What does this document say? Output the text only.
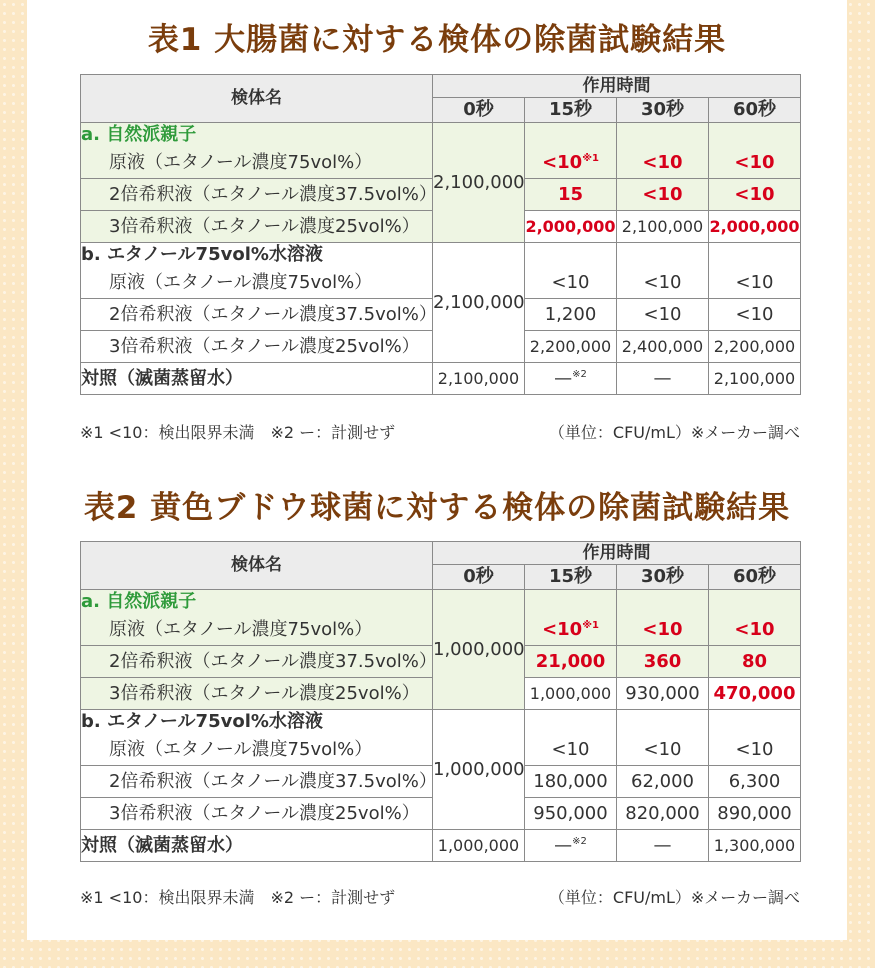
表1 大腸菌に対する検体の除菌試験結果
検体名	作用時間			
	0秒	15秒	30秒	60秒
a. 自然派親子	2,100,000			
原液（エタノール濃度75vol%）		$<10^{※1}$	<10	<10
2倍希釈液（エタノール濃度37.5vol%）		15	<10	<10
3倍希釈液（エタノール濃度25vol%）		2,000,000	2,100,000	2,000,000
b. エタノール75vol%水溶液	2,100,000			
原液（エタノール濃度75vol%）		<10	<10	<10
2倍希釈液（エタノール濃度37.5vol%）		1,200	<10	<10
3倍希釈液（エタノール濃度25vol%）		2,200,000	2,400,000	2,200,000
対照（滅菌蒸留水）	2,100,000	—$^{※2}$	—	2,100,000
※1 <10：検出限界未満　※2 ー：計測せず	（単位：CFU/mL）※メーカー調べ
表2 黄色ブドウ球菌に対する検体の除菌試験結果
検体名	作用時間			
	0秒	15秒	30秒	60秒
a. 自然派親子	1,000,000			
原液（エタノール濃度75vol%）		$<10^{※1}$	<10	<10
2倍希釈液（エタノール濃度37.5vol%）		21,000	360	80
3倍希釈液（エタノール濃度25vol%）		1,000,000	930,000	470,000
b. エタノール75vol%水溶液	1,000,000			
原液（エタノール濃度75vol%）		<10	<10	<10
2倍希釈液（エタノール濃度37.5vol%）		180,000	62,000	6,300
3倍希釈液（エタノール濃度25vol%）		950,000	820,000	890,000
対照（滅菌蒸留水）	1,000,000	—$^{※2}$	—	1,300,000
※1 <10：検出限界未満　※2 ー：計測せず	（単位：CFU/mL）※メーカー調べ
